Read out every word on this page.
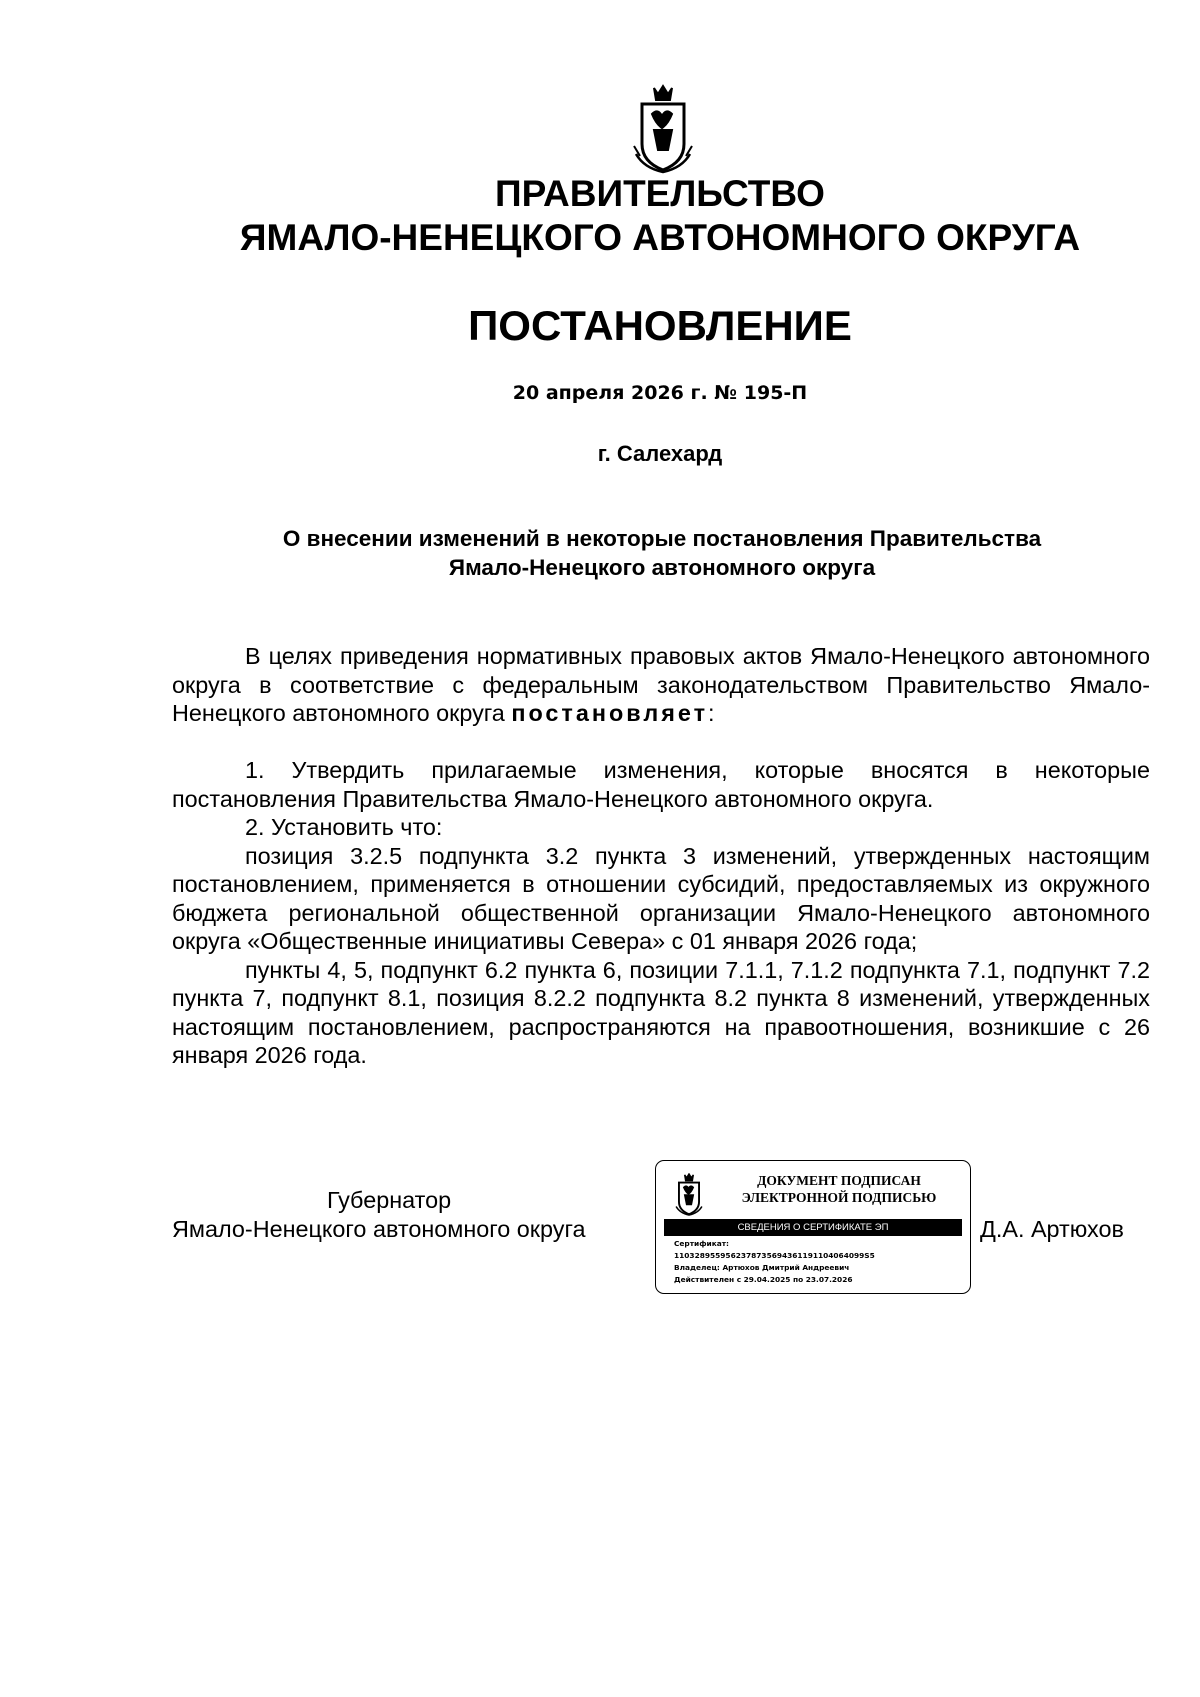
ПРАВИТЕЛЬСТВО
ЯМАЛО-НЕНЕЦКОГО АВТОНОМНОГО ОКРУГА
ПОСТАНОВЛЕНИЕ
20 апреля 2026 г. № 195-П
г. Салехард
О внесении изменений в некоторые постановления Правительства
Ямало-Ненецкого автономного округа

В целях приведения нормативных правовых актов Ямало-Ненецкого автономного округа в соответствие с федеральным законодательством Правительство Ямало-Ненецкого автономного округа постановляет:

1. Утвердить прилагаемые изменения, которые вносятся в некоторые постановления Правительства Ямало-Ненецкого автономного округа.

2. Установить что:

позиция 3.2.5 подпункта 3.2 пункта 3 изменений, утвержденных настоящим постановлением, применяется в отношении субсидий, предоставляемых из окружного бюджета региональной общественной организации Ямало-Ненецкого автономного округа «Общественные инициативы Севера» с 01 января 2026 года;

пункты 4, 5, подпункт 6.2 пункта 6, позиции 7.1.1, 7.1.2 подпункта 7.1, подпункт 7.2 пункта 7, подпункт 8.1, позиция 8.2.2 подпункта 8.2 пункта 8 изменений, утвержденных настоящим постановлением, распространяются на правоотношения, возникшие с 26 января 2026 года.

Губернатор
Ямало-Ненецкого автономного округа
ДОКУМЕНТ ПОДПИСАН
ЭЛЕКТРОННОЙ ПОДПИСЬЮ
СВЕДЕНИЯ О СЕРТИФИКАТЕ ЭП
Сертификат:
1103289559562378735694361191104064099S5
Владелец: Артюхов Дмитрий Андреевич
Действителен с 29.04.2025 по 23.07.2026
Д.А. Артюхов
